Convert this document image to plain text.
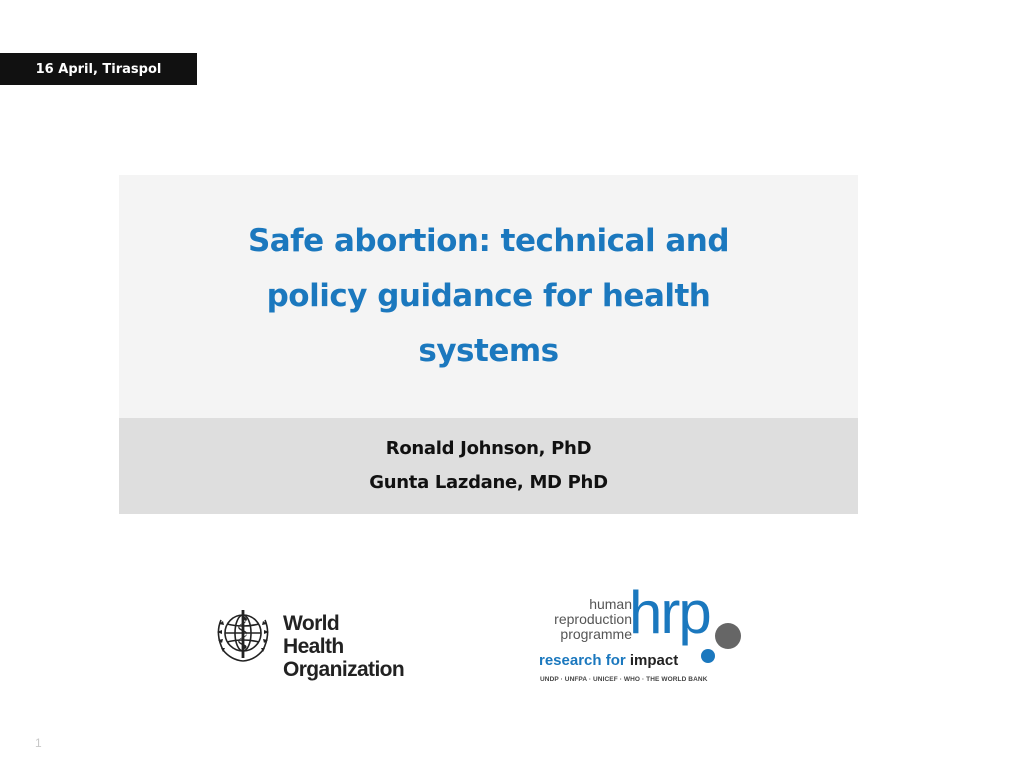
16 April, Tiraspol
Safe abortion: technical and policy guidance for health systems
Ronald Johnson, PhD
Gunta Lazdane, MD PhD
World Health
Organization
human
reproduction
programme
hrp
research for impact
UNDP · UNFPA · UNICEF · WHO · THE WORLD BANK
1
